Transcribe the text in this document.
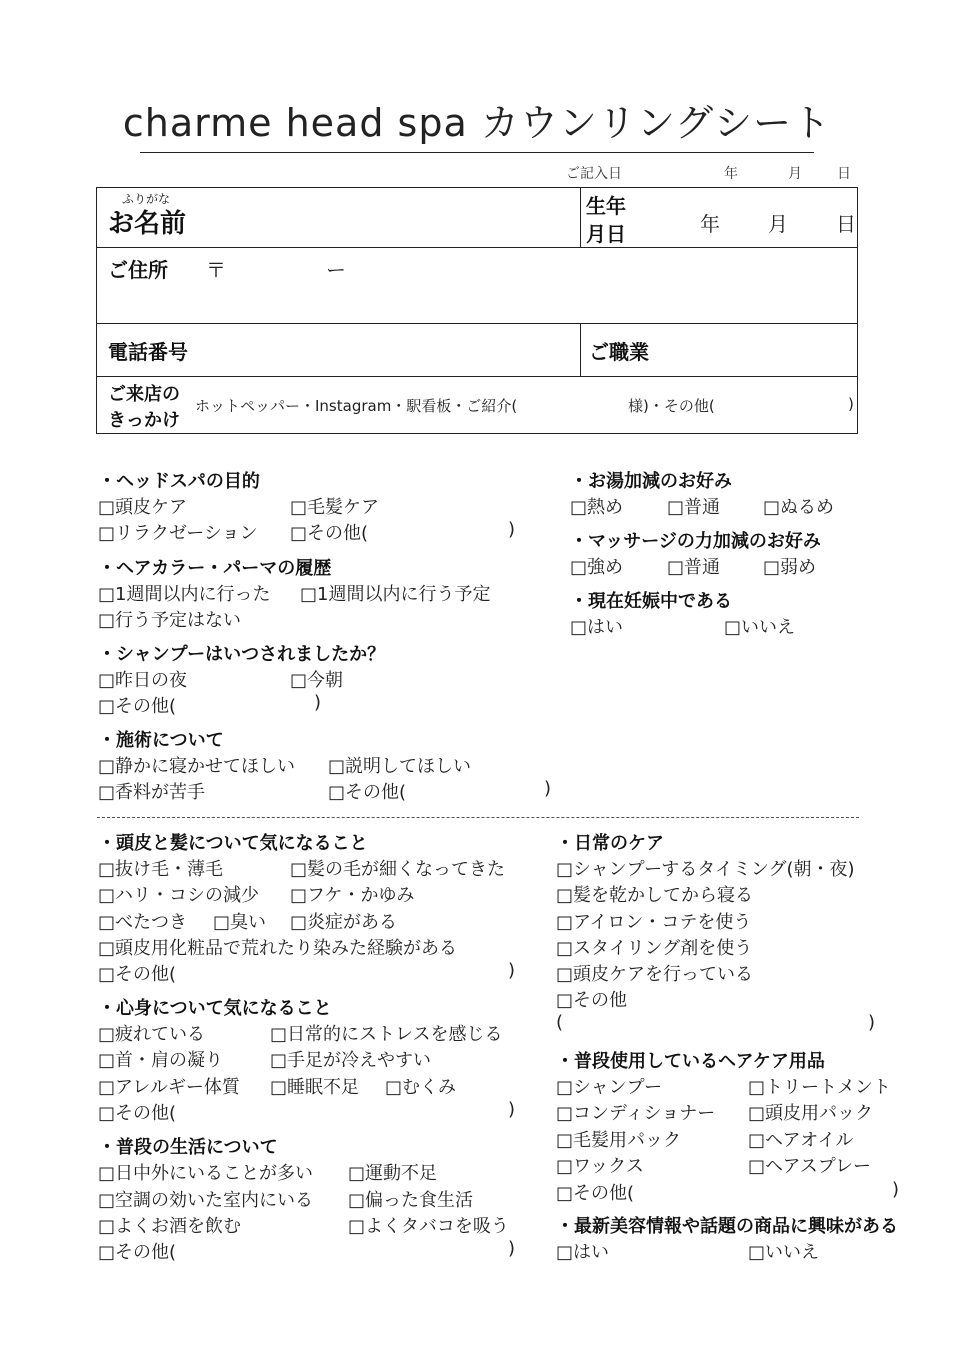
charme head spa カウンリングシート
ご記入日	年	月	日
ふりがな
お名前
生年
月日	年 月 日
ご住所 〒	ー
電話番号	ご職業
ご来店の
きっかけ
ホットペッパー・Instagram・駅看板・ご紹介(	様)・その他(	)
・ヘッドスパの目的
□頭皮ケア	□毛髪ケア
□リラクゼーション □その他(	)
・ヘアカラー・パーマの履歴
□1週間以内に行った □1週間以内に行う予定
□行う予定はない
・シャンプーはいつされましたか？
□昨日の夜	□今朝
□その他(	)
・施術について
□静かに寝かせてほしい □説明してほしい
□香料が苦手	□その他(	)
・お湯加減のお好み
□熱め □普通 □ぬるめ
・マッサージの力加減のお好み
□強め □普通 □弱め
・現在妊娠中である
□はい	□いいえ
・頭皮と髪について気になること
□抜け毛・薄毛	□髪の毛が細くなってきた
□ハリ・コシの減少 □フケ・かゆみ
□べたつき □臭い □炎症がある
□頭皮用化粧品で荒れたり染みた経験がある
□その他(	)
・心身について気になること
□疲れている	□日常的にストレスを感じる
□首・肩の凝り	□手足が冷えやすい
□アレルギー体質 □睡眠不足 □むくみ
□その他(	)
・普段の生活について
□日中外にいることが多い □運動不足
□空調の効いた室内にいる □偏った食生活
□よくお酒を飲む	□よくタバコを吸う
□その他(	)
・日常のケア
□シャンプーするタイミング(朝・夜)
□髪を乾かしてから寝る
□アイロン・コテを使う
□スタイリング剤を使う
□頭皮ケアを行っている
□その他
(	)
・普段使用しているヘアケア用品
□シャンプー	□トリートメント
□コンディショナー □頭皮用パック
□毛髪用パック	□ヘアオイル
□ワックス	□ヘアスプレー
□その他(	)
・最新美容情報や話題の商品に興味がある
□はい	□いいえ
